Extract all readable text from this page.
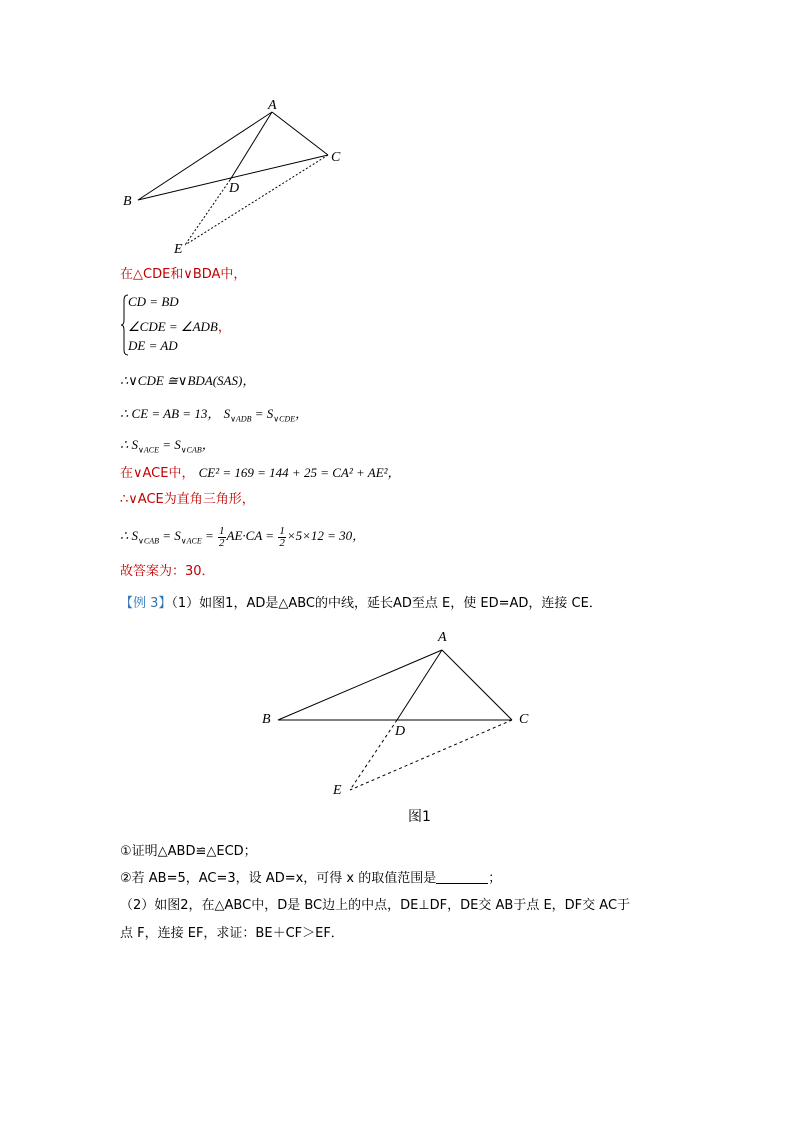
A
B
C
D
E
在△CDE和∨BDA中，
CD = BD
∠CDE = ∠ADB，
DE = AD
∴∨CDE ≅∨BDA(SAS)，
∴ CE = AB = 13， $S_{\vee ADB} = S_{\vee CDE}$，
∴ $S_{\vee ACE} = S_{\vee CAB}$，
在∨ACE中， CE² = 169 = 144 + 25 = CA² + AE²，
∴∨ACE为直角三角形，
∴ $S_{\vee CAB} = S_{\vee ACE} = \frac{1}{2} AE\cdot CA = \frac{1}{2} \times 5\times 12 = 30$，
故答案为：30．
【例 3】（1）如图1，AD是△ABC的中线，延长AD至点 E，使 ED=AD，连接 CE．
A
B	C
D
E
图1
①证明△ABD≌△ECD；
②若 AB=5，AC=3，设 AD=x，可得 x 的取值范围是	；
（2）如图2，在△ABC中，D是 BC边上的中点，DE⊥DF，DE交 AB于点 E，DF交 AC于
点 F，连接 EF，求证：BE＋CF＞EF．
